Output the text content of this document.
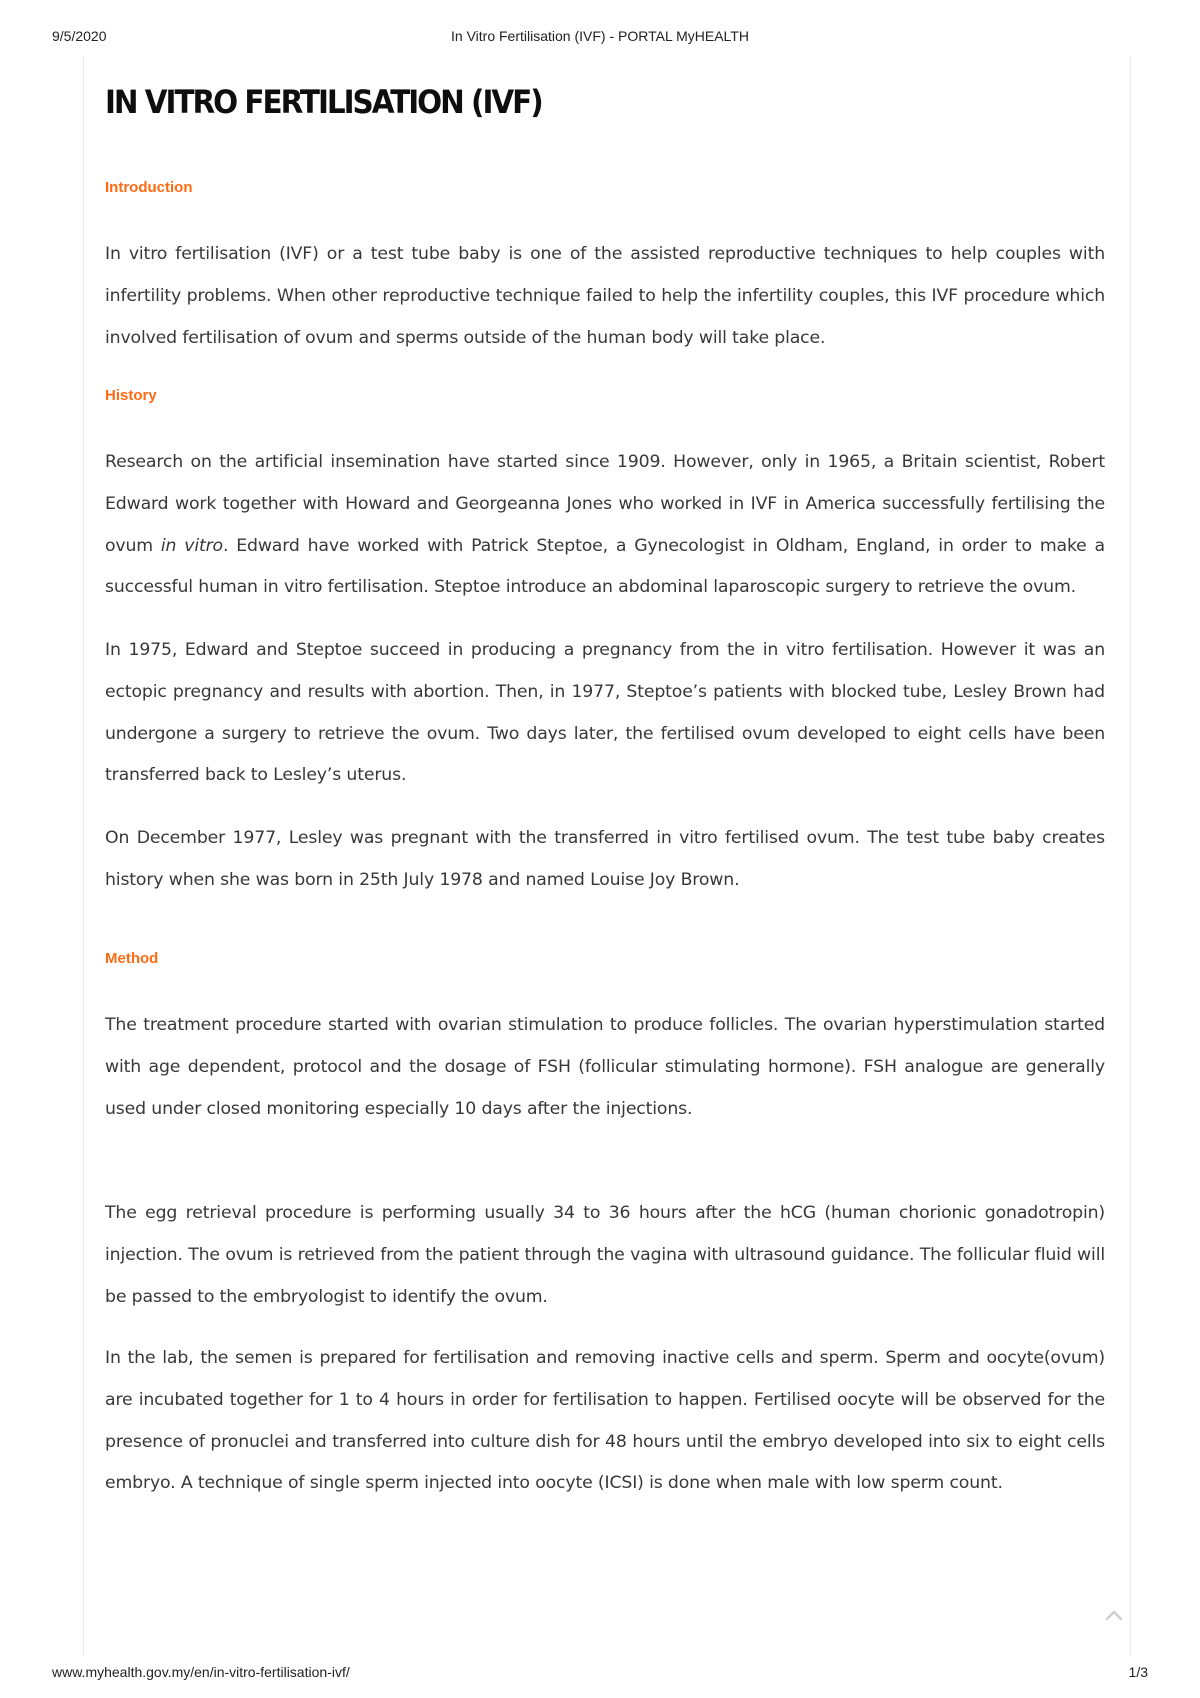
9/5/2020	In Vitro Fertilisation (IVF) - PORTAL MyHEALTH
IN VITRO FERTILISATION (IVF)
Introduction

In vitro fertilisation (IVF) or a test tube baby is one of the assisted reproductive techniques to help couples with infertility problems. When other reproductive technique failed to help the infertility couples, this IVF procedure which involved fertilisation of ovum and sperms outside of the human body will take place.

History

Research on the artificial insemination have started since 1909. However, only in 1965, a Britain scientist, Robert Edward work together with Howard and Georgeanna Jones who worked in IVF in America successfully fertilising the ovum in vitro. Edward have worked with Patrick Steptoe, a Gynecologist in Oldham, England, in order to make a successful human in vitro fertilisation. Steptoe introduce an abdominal laparoscopic surgery to retrieve the ovum.

In 1975, Edward and Steptoe succeed in producing a pregnancy from the in vitro fertilisation. However it was an ectopic pregnancy and results with abortion. Then, in 1977, Steptoe’s patients with blocked tube, Lesley Brown had undergone a surgery to retrieve the ovum. Two days later, the fertilised ovum developed to eight cells have been transferred back to Lesley’s uterus.

On December 1977, Lesley was pregnant with the transferred in vitro fertilised ovum. The test tube baby creates history when she was born in 25th July 1978 and named Louise Joy Brown.

Method

The treatment procedure started with ovarian stimulation to produce follicles. The ovarian hyperstimulation started with age dependent, protocol and the dosage of FSH (follicular stimulating hormone). FSH analogue are generally used under closed monitoring especially 10 days after the injections.

The egg retrieval procedure is performing usually 34 to 36 hours after the hCG (human chorionic gonadotropin) injection. The ovum is retrieved from the patient through the vagina with ultrasound guidance. The follicular fluid will be passed to the embryologist to identify the ovum.

In the lab, the semen is prepared for fertilisation and removing inactive cells and sperm. Sperm and oocyte(ovum) are incubated together for 1 to 4 hours in order for fertilisation to happen. Fertilised oocyte will be observed for the presence of pronuclei and transferred into culture dish for 48 hours until the embryo developed into six to eight cells embryo. A technique of single sperm injected into oocyte (ICSI) is done when male with low sperm count.

www.myhealth.gov.my/en/in-vitro-fertilisation-ivf/	1/3
